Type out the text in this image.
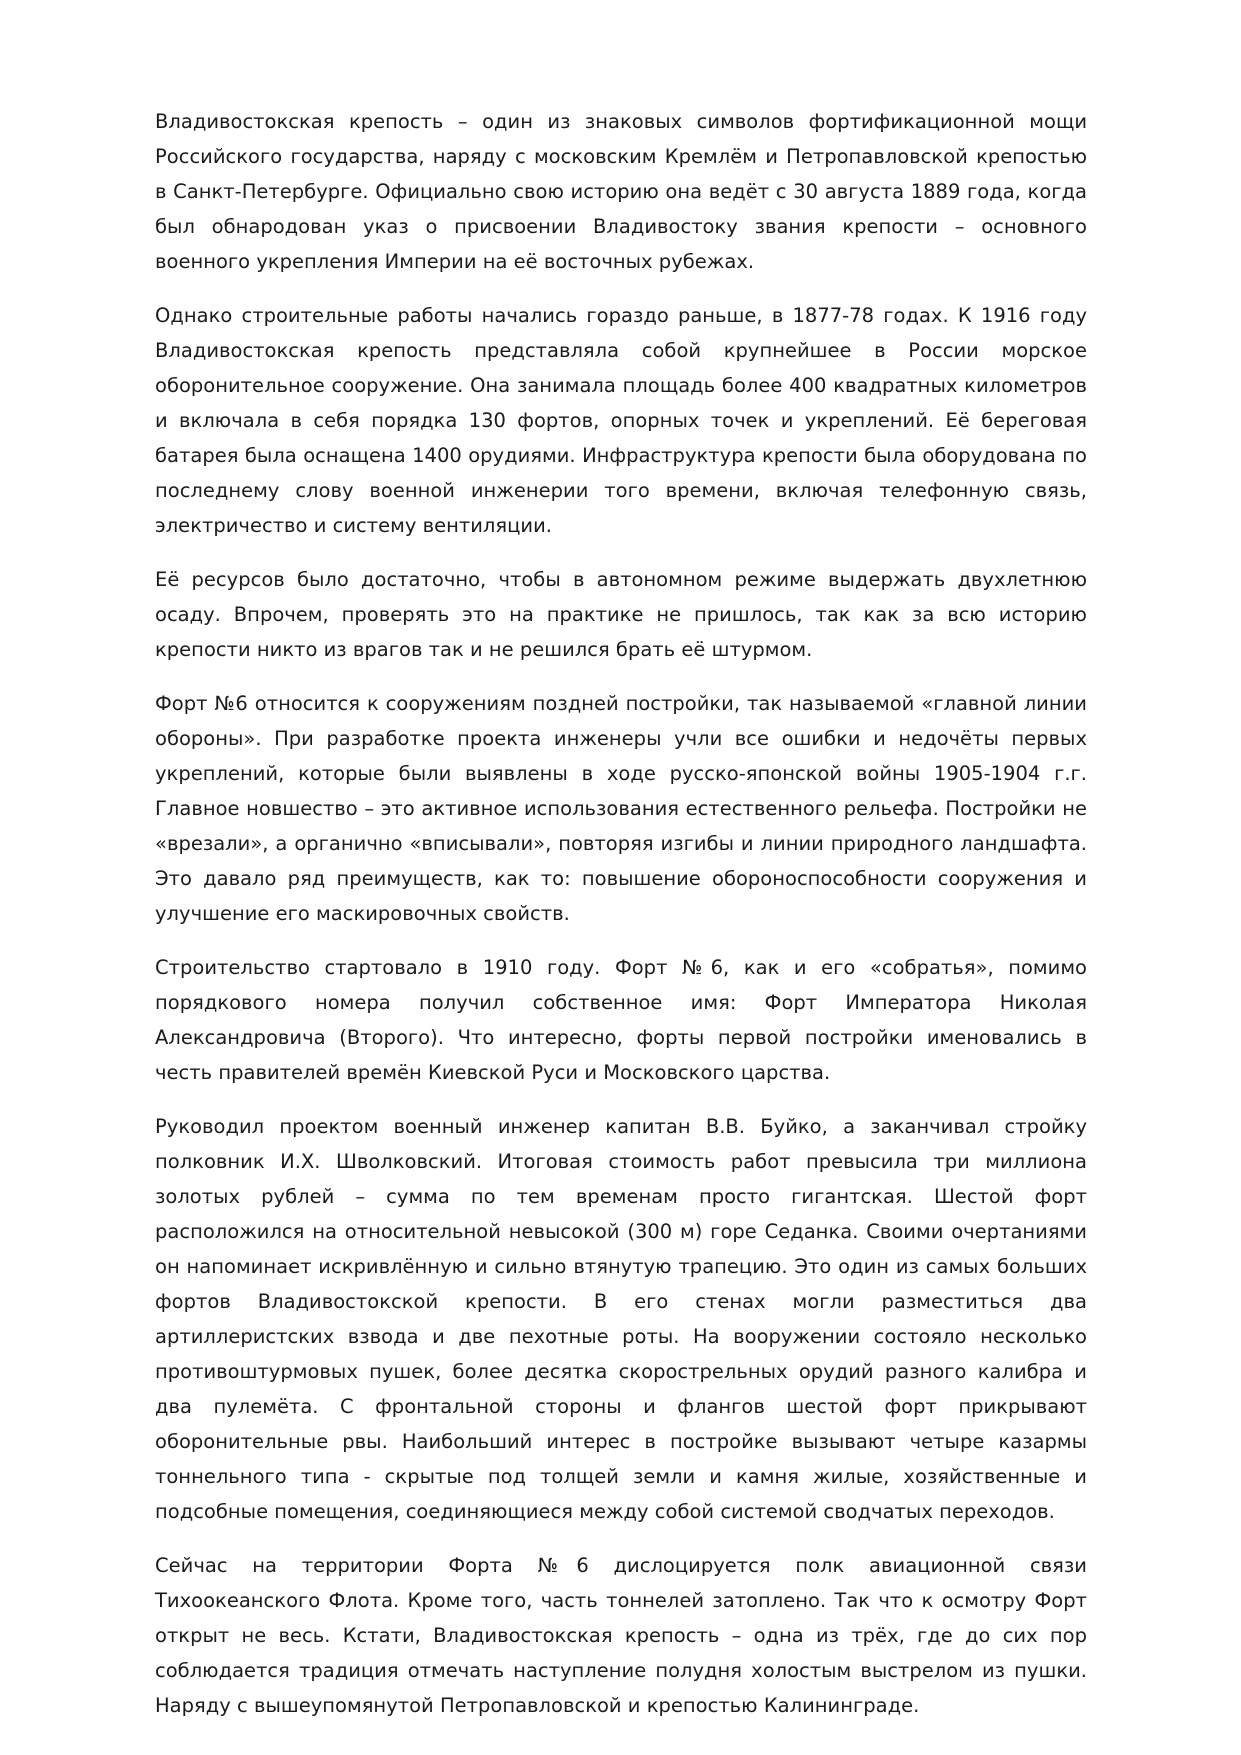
Владивостокская крепость – один из знаковых символов фортификационной мощи Российского государства, наряду с московским Кремлём и Петропавловской крепостью в Санкт-Петербурге. Официально свою историю она ведёт с 30 августа 1889 года, когда был обнародован указ о присвоении Владивостоку звания крепости – основного военного укрепления Империи на её восточных рубежах.

Однако строительные работы начались гораздо раньше, в 1877-78 годах. К 1916 году Владивостокская крепость представляла собой крупнейшее в России морское оборонительное сооружение. Она занимала площадь более 400 квадратных километров и включала в себя порядка 130 фортов, опорных точек и укреплений. Её береговая батарея была оснащена 1400 орудиями. Инфраструктура крепости была оборудована по последнему слову военной инженерии того времени, включая телефонную связь, электричество и систему вентиляции.

Её ресурсов было достаточно, чтобы в автономном режиме выдержать двухлетнюю осаду. Впрочем, проверять это на практике не пришлось, так как за всю историю крепости никто из врагов так и не решился брать её штурмом.

Форт №6 относится к сооружениям поздней постройки, так называемой «главной линии обороны». При разработке проекта инженеры учли все ошибки и недочёты первых укреплений, которые были выявлены в ходе русско-японской войны 1905-1904 г.г. Главное новшество – это активное использования естественного рельефа. Постройки не «врезали», а органично «вписывали», повторяя изгибы и линии природного ландшафта. Это давало ряд преимуществ, как то: повышение обороноспособности сооружения и улучшение его маскировочных свойств.

Строительство стартовало в 1910 году. Форт №6, как и его «собратья», помимо порядкового номера получил собственное имя: Форт Императора Николая Александровича (Второго). Что интересно, форты первой постройки именовались в честь правителей времён Киевской Руси и Московского царства.

Руководил проектом военный инженер капитан В.В. Буйко, а заканчивал стройку полковник И.Х. Шволковский. Итоговая стоимость работ превысила три миллиона золотых рублей – сумма по тем временам просто гигантская. Шестой форт расположился на относительной невысокой (300 м) горе Седанка. Своими очертаниями он напоминает искривлённую и сильно втянутую трапецию. Это один из самых больших фортов Владивостокской крепости. В его стенах могли разместиться два артиллеристских взвода и две пехотные роты. На вооружении состояло несколько противоштурмовых пушек, более десятка скорострельных орудий разного калибра и два пулемёта. С фронтальной стороны и флангов шестой форт прикрывают оборонительные рвы. Наибольший интерес в постройке вызывают четыре казармы тоннельного типа - скрытые под толщей земли и камня жилые, хозяйственные и подсобные помещения, соединяющиеся между собой системой сводчатых переходов.

Сейчас на территории Форта №6 дислоцируется полк авиационной связи Тихоокеанского Флота. Кроме того, часть тоннелей затоплено. Так что к осмотру Форт открыт не весь. Кстати, Владивостокская крепость – одна из трёх, где до сих пор соблюдается традиция отмечать наступление полудня холостым выстрелом из пушки. Наряду с вышеупомянутой Петропавловской и крепостью Калининграде.
